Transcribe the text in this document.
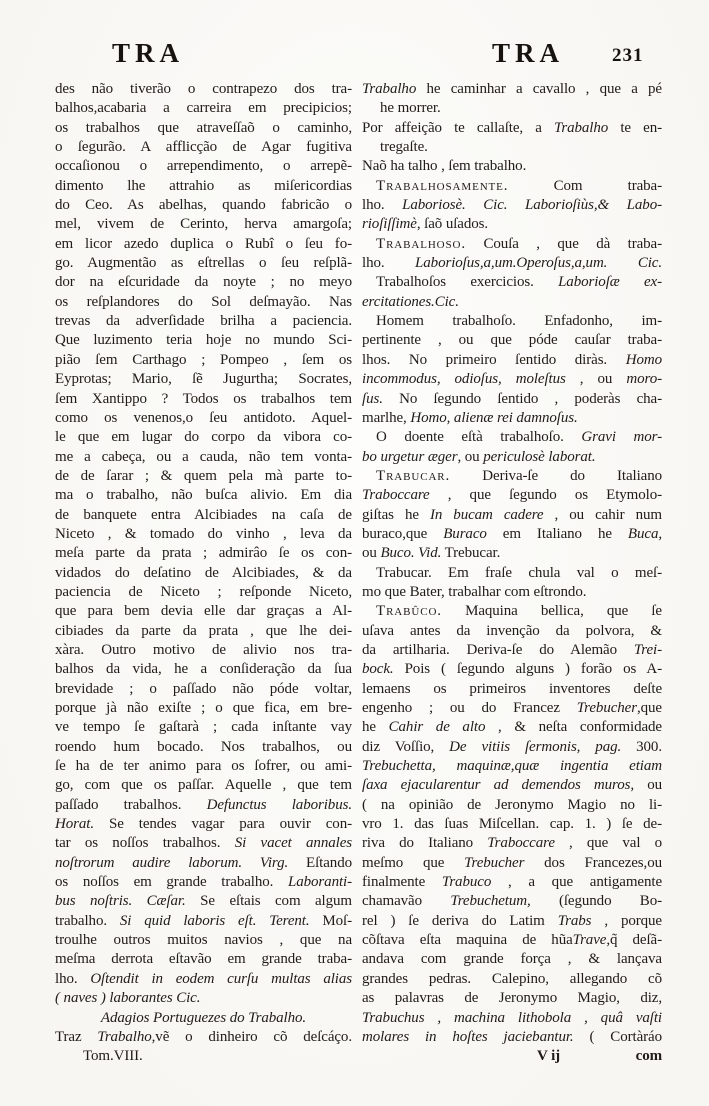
TRA	TRA	231
des não tiverão o contrapezo dos tra-
balhos,acabaria a carreira em precipicios;
os trabalhos que atraveſſaõ o caminho,
o ſegurão. A afflicção de Agar fugitiva
occaſionou o arrependimento, o arrepẽ-
dimento lhe attrahio as miſericordias
do Ceo. As abelhas, quando fabricão o
mel, vivem de Cerinto, herva amargoſa;
em licor azedo duplica o Rubî o ſeu fo-
go. Augmentão as eſtrellas o ſeu reſplã-
dor na eſcuridade da noyte ; no meyo
os reſplandores do Sol deſmayão. Nas
trevas da adverſidade brilha a paciencia.
Que luzimento teria hoje no mundo Sci-
pião ſem Carthago ; Pompeo , ſem os
Eyprotas; Mario, ſẽ Jugurtha; Socrates,
ſem Xantippo ? Todos os trabalhos tem
como os venenos,o ſeu antidoto. Aquel-
le que em lugar do corpo da vibora co-
me a cabeça, ou a cauda, não tem vonta-
de de ſarar ; & quem pela mà parte to-
ma o trabalho, não buſca alivio. Em dia
de banquete entra Alcibiades na caſa de
Niceto , & tomado do vinho , leva da
meſa parte da prata ; admirâo ſe os con-
vidados do deſatino de Alcibiades, & da
paciencia de Niceto ; reſponde Niceto,
que para bem devia elle dar graças a Al-
cibiades da parte da prata , que lhe dei-
xàra. Outro motivo de alivio nos tra-
balhos da vida, he a conſideração da ſua
brevidade ; o paſſado não póde voltar,
porque jà não exiſte ; o que fica, em bre-
ve tempo ſe gaſtarà ; cada inſtante vay
roendo hum bocado. Nos trabalhos, ou
ſe ha de ter animo para os ſofrer, ou ami-
go, com que os paſſar. Aquelle , que tem
paſſado trabalhos. Defunctus laboribus.
Horat. Se tendes vagar para ouvir con-
tar os noſſos trabalhos. Si vacet annales
noſtrorum audire laborum. Virg. Eſtando
os noſſos em grande trabalho. Laboranti-
bus noſtris. Cæſar. Se eſtais com algum
trabalho. Si quid laboris eſt. Terent. Moſ-
troulhe outros muitos navios , que na
meſma derrota eſtavão em grande traba-
lho. Oſtendit in eodem curſu multas alias
( naves ) laborantes Cic.
Adagios Portuguezes do Trabalho.
Traz Trabalho,vẽ o dinheiro cõ deſcáço.
Tom.VIII.
Trabalho he caminhar a cavallo , que a pé
he morrer.
Por affeição te callaſte, a Trabalho te en-
tregaſte.
Naõ ha talho , ſem trabalho.
Trabalhosamente. Com traba-
lho. Laboriosè. Cic. Laborioſiùs,& Labo-
rioſiſſimè, ſaõ uſados.
Trabalhoso. Couſa , que dà traba-
lho. Laborioſus,a,um.Operoſus,a,um. Cic.
Trabalhoſos exercicios. Laborioſæ ex-
ercitationes.Cic.
Homem trabalhoſo. Enfadonho, im-
pertinente , ou que póde cauſar traba-
lhos. No primeiro ſentido diràs. Homo
incommodus, odioſus, moleſtus , ou moro-
ſus. No ſegundo ſentido , poderàs cha-
marlhe, Homo, alienæ rei damnoſus.
O doente eſtà trabalhoſo. Gravi mor-
bo urgetur æger, ou periculosè laborat.
Trabucar. Deriva-ſe do Italiano
Traboccare , que ſegundo os Etymolo-
giſtas he In bucam cadere , ou cahir num
buraco,que Buraco em Italiano he Buca,
ou Buco. Vid. Trebucar.
Trabucar. Em fraſe chula val o meſ-
mo que Bater, trabalhar com eſtrondo.
Trabûco. Maquina bellica, que ſe
uſava antes da invenção da polvora, &
da artilharia. Deriva-ſe do Alemão Trei-
bock. Pois ( ſegundo alguns ) forão os A-
lemaens os primeiros inventores deſte
engenho ; ou do Francez Trebucher,que
he Cahir de alto , & neſta conformidade
diz Voſſio, De vitiis ſermonis, pag. 300.
Trebuchetta, maquinæ,quæ ingentia etiam
ſaxa ejacularentur ad demendos muros, ou
( na opinião de Jeronymo Magio no li-
vro 1. das ſuas Miſcellan. cap. 1. ) ſe de-
riva do Italiano Traboccare , que val o
meſmo que Trebucher dos Francezes,ou
finalmente Trabuco , a que antigamente
chamavão Trebuchetum, (ſegundo Bo-
rel ) ſe deriva do Latim Trabs , porque
cõſtava eſta maquina de hũaTrave,q̃ deſã-
andava com grande força , & lançava
grandes pedras. Calepino, allegando cõ
as palavras de Jeronymo Magio, diz,
Trabuchus , machina lithobola , quâ vaſti
molares in hoſtes jaciebantur. ( Cortàráo
V ij	com
